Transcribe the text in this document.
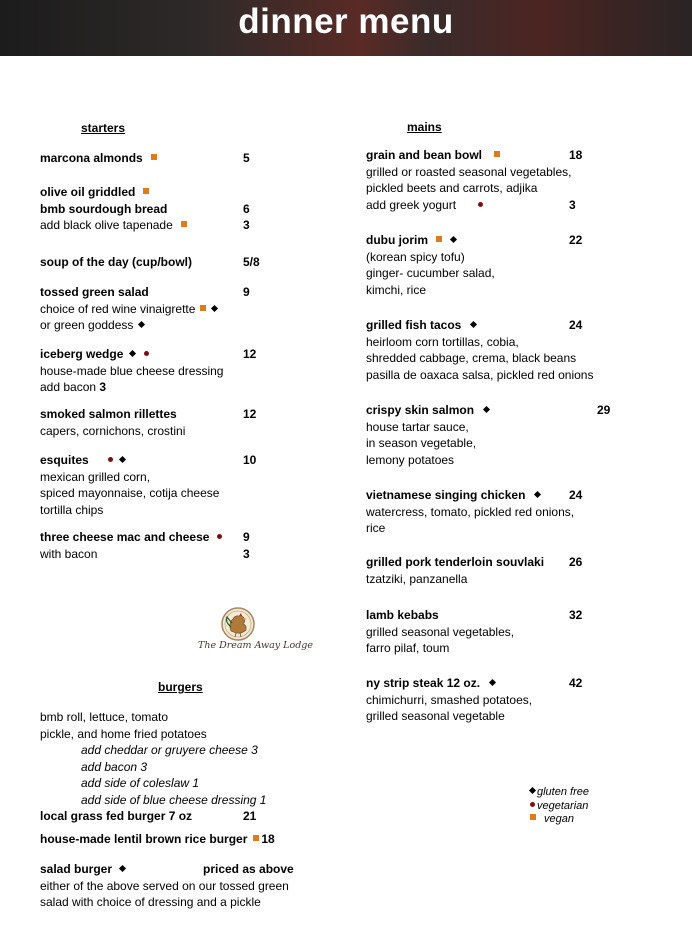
dinner menu
starters
marcona almonds	5
olive oil griddled
bmb sourdough bread	6
add black olive tapenade	3
soup of the day (cup/bowl)	5/8
tossed green salad	9
choice of red wine vinaigrette
or green goddess
iceberg wedge	12
house-made blue cheese dressing
add bacon 3
smoked salmon rillettes	12
capers, cornichons, crostini
esquites	10
mexican grilled corn,
spiced mayonnaise, cotija cheese
tortilla chips
three cheese mac and cheese	9
with bacon	3
The Dream Away Lodge
burgers
bmb roll, lettuce, tomato
pickle, and home fried potatoes
add cheddar or gruyere cheese 3
add bacon 3
add side of coleslaw 1
add side of blue cheese dressing 1
local grass fed burger 7 oz	21
house-made lentil brown rice burger 18
salad burger	priced as above
either of the above served on our tossed green
salad with choice of dressing and a pickle
mains
grain and bean bowl	18
grilled or roasted seasonal vegetables,
pickled beets and carrots, adjika
add greek yogurt	3
dubu jorim	22
(korean spicy tofu)
ginger- cucumber salad,
kimchi, rice
grilled fish tacos	24
heirloom corn tortillas, cobia,
shredded cabbage, crema, black beans
pasilla de oaxaca salsa, pickled red onions
crispy skin salmon	29
house tartar sauce,
in season vegetable,
lemony potatoes
vietnamese singing chicken	24
watercress, tomato, pickled red onions,
rice
grilled pork tenderloin souvlaki 26
tzatziki, panzanella
lamb kebabs	32
grilled seasonal vegetables,
farro pilaf, toum
ny strip steak 12 oz.	42
chimichurri, smashed potatoes,
grilled seasonal vegetable
gluten free
vegetarian
vegan
